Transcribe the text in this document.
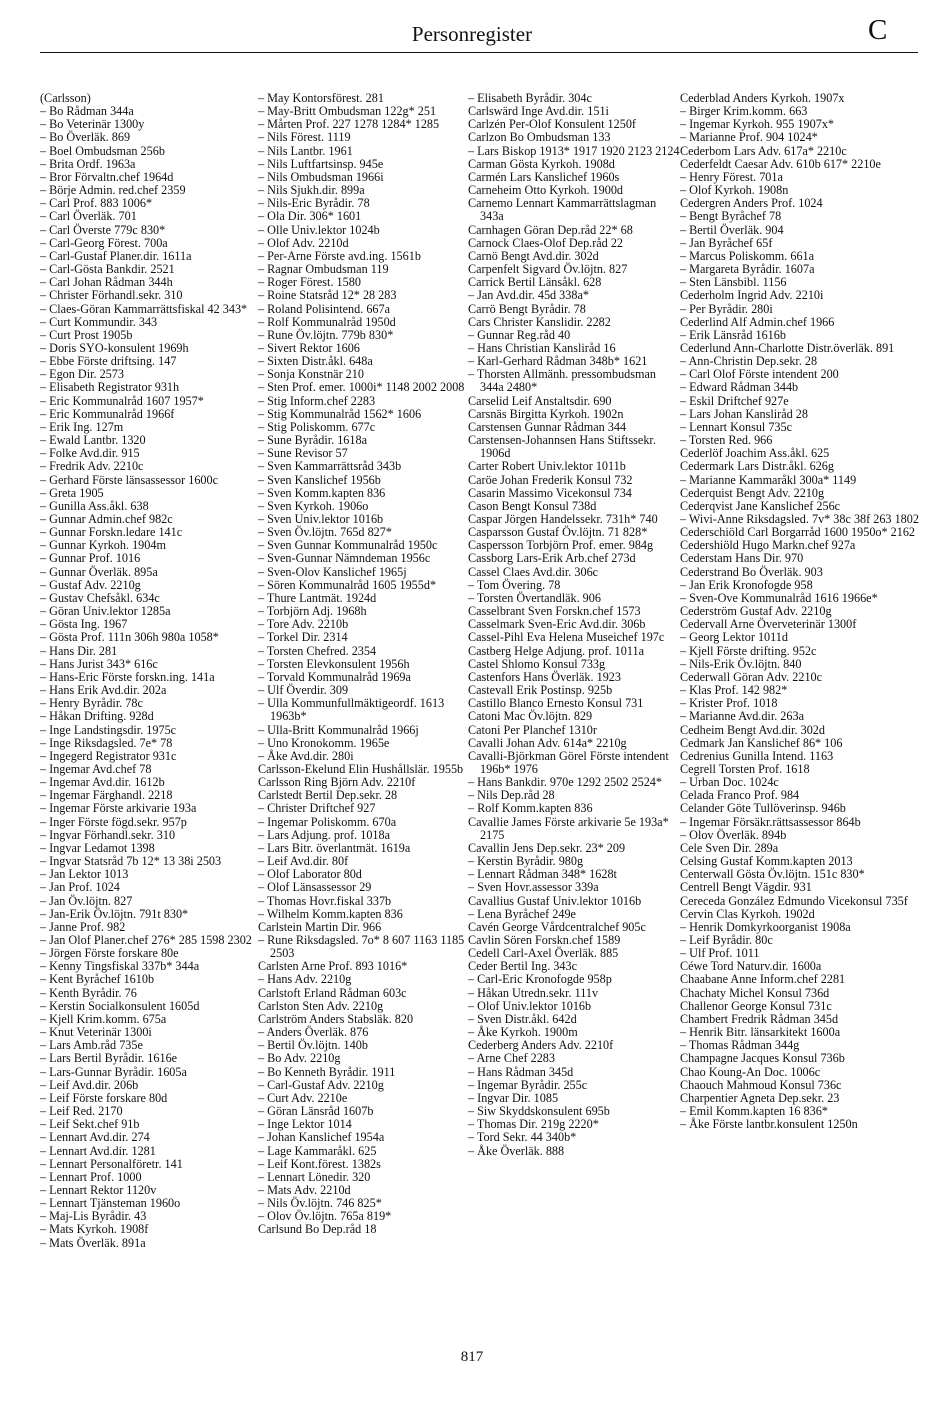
Personregister	C
(Carlsson)
– Bo Rådman 344a
– Bo Veterinär 1300y
– Bo Överläk. 869
– Boel Ombudsman 256b
– Brita Ordf. 1963a
– Bror Förvaltn.chef 1964d
– Börje Admin. red.chef 2359
– Carl Prof. 883 1006*
– Carl Överläk. 701
– Carl Överste 779c 830*
– Carl-Georg Förest. 700a
– Carl-Gustaf Planer.dir. 1611a
– Carl-Gösta Bankdir. 2521
– Carl Johan Rådman 344h
– Christer Förhandl.sekr. 310
– Claes-Göran Kammarrättsfiskal 42 343*
– Curt Kommundir. 343
– Curt Prost 1905b
– Doris SYO-konsulent 1969h
– Ebbe Förste driftsing. 147
– Egon Dir. 2573
– Elisabeth Registrator 931h
– Eric Kommunalråd 1607 1957*
– Eric Kommunalråd 1966f
– Erik Ing. 127m
– Ewald Lantbr. 1320
– Folke Avd.dir. 915
– Fredrik Adv. 2210c
– Gerhard Förste länsassessor 1600c
– Greta 1905
– Gunilla Ass.åkl. 638
– Gunnar Admin.chef 982c
– Gunnar Forskn.ledare 141c
– Gunnar Kyrkoh. 1904m
– Gunnar Prof. 1016
– Gunnar Överläk. 895a
– Gustaf Adv. 2210g
– Gustav Chefsåkl. 634c
– Göran Univ.lektor 1285a
– Gösta Ing. 1967
– Gösta Prof. 111n 306h 980a 1058*
– Hans Dir. 281
– Hans Jurist 343* 616c
– Hans-Eric Förste forskn.ing. 141a
– Hans Erik Avd.dir. 202a
– Henry Byrådir. 78c
– Håkan Drifting. 928d
– Inge Landstingsdir. 1975c
– Inge Riksdagsled. 7e* 78
– Ingegerd Registrator 931c
– Ingemar Avd.chef 78
– Ingemar Avd.dir. 1612b
– Ingemar Färghandl. 2218
– Ingemar Förste arkivarie 193a
– Inger Förste fögd.sekr. 957p
– Ingvar Förhandl.sekr. 310
– Ingvar Ledamot 1398
– Ingvar Statsråd 7b 12* 13 38i 2503
– Jan Lektor 1013
– Jan Prof. 1024
– Jan Öv.löjtn. 827
– Jan-Erik Öv.löjtn. 791t 830*
– Janne Prof. 982
– Jan Olof Planer.chef 276* 285 1598 2302
– Jörgen Förste forskare 80e
– Kenny Tingsfiskal 337b* 344a
– Kent Byråchef 1610b
– Kenth Byrådir. 76
– Kerstin Socialkonsulent 1605d
– Kjell Krim.komm. 675a
– Knut Veterinär 1300i
– Lars Amb.råd 735e
– Lars Bertil Byrådir. 1616e
– Lars-Gunnar Byrådir. 1605a
– Leif Avd.dir. 206b
– Leif Förste forskare 80d
– Leif Red. 2170
– Leif Sekt.chef 91b
– Lennart Avd.dir. 274
– Lennart Avd.dir. 1281
– Lennart Personalföretr. 141
– Lennart Prof. 1000
– Lennart Rektor 1120v
– Lennart Tjänsteman 1960o
– Maj-Lis Byrådir. 43
– Mats Kyrkoh. 1908f
– Mats Överläk. 891a
– May Kontorsförest. 281
– May-Britt Ombudsman 122g* 251
– Mårten Prof. 227 1278 1284* 1285
– Nils Förest. 1119
– Nils Lantbr. 1961
– Nils Luftfartsinsp. 945e
– Nils Ombudsman 1966i
– Nils Sjukh.dir. 899a
– Nils-Eric Byrådir. 78
– Ola Dir. 306* 1601
– Olle Univ.lektor 1024b
– Olof Adv. 2210d
– Per-Arne Förste avd.ing. 1561b
– Ragnar Ombudsman 119
– Roger Förest. 1580
– Roine Statsråd 12* 28 283
– Roland Polisintend. 667a
– Rolf Kommunalråd 1950d
– Rune Öv.löjtn. 779b 830*
– Sivert Rektor 1606
– Sixten Distr.åkl. 648a
– Sonja Konstnär 210
– Sten Prof. emer. 1000i* 1148 2002 2008
– Stig Inform.chef 2283
– Stig Kommunalråd 1562* 1606
– Stig Poliskomm. 677c
– Sune Byrådir. 1618a
– Sune Revisor 57
– Sven Kammarrättsråd 343b
– Sven Kanslichef 1956b
– Sven Komm.kapten 836
– Sven Kyrkoh. 1906o
– Sven Univ.lektor 1016b
– Sven Öv.löjtn. 765d 827*
– Sven Gunnar Kommunalråd 1950c
– Sven-Gunnar Nämndeman 1956c
– Sven-Olov Kanslichef 1965j
– Sören Kommunalråd 1605 1955d*
– Thure Lantmät. 1924d
– Torbjörn Adj. 1968h
– Tore Adv. 2210b
– Torkel Dir. 2314
– Torsten Chefred. 2354
– Torsten Elevkonsulent 1956h
– Torvald Kommunalråd 1969a
– Ulf Överdir. 309
– Ulla Kommunfullmäktigeordf. 1613 1963b*
– Ulla-Britt Kommunalråd 1966j
– Uno Kronokomm. 1965e
– Åke Avd.dir. 280i
Carlsson-Ekelund Elin Hushållslär. 1955b
Carlsson Ring Björn Adv. 2210f
Carlstedt Bertil Dep.sekr. 28
– Christer Driftchef 927
– Ingemar Poliskomm. 670a
– Lars Adjung. prof. 1018a
– Lars Bitr. överlantmät. 1619a
– Leif Avd.dir. 80f
– Olof Laborator 80d
– Olof Länsassessor 29
– Thomas Hovr.fiskal 337b
– Wilhelm Komm.kapten 836
Carlstein Martin Dir. 966
– Rune Riksdagsled. 7o* 8 607 1163 1185 2503
Carlsten Arne Prof. 893 1016*
– Hans Adv. 2210g
Carlstoft Erland Rådman 603c
Carlston Sten Adv. 2210g
Carlström Anders Stabsläk. 820
– Anders Överläk. 876
– Bertil Öv.löjtn. 140b
– Bo Adv. 2210g
– Bo Kenneth Byrådir. 1911
– Carl-Gustaf Adv. 2210g
– Curt Adv. 2210e
– Göran Länsråd 1607b
– Inge Lektor 1014
– Johan Kanslichef 1954a
– Lage Kammaråkl. 625
– Leif Kont.förest. 1382s
– Lennart Lönedir. 320
– Mats Adv. 2210d
– Nils Öv.löjtn. 746 825*
– Olov Öv.löjtn. 765a 819*
Carlsund Bo Dep.råd 18
– Elisabeth Byrådir. 304c
Carlswärd Inge Avd.dir. 151i
Carlzén Per-Olof Konsulent 1250f
Carlzon Bo Ombudsman 133
– Lars Biskop 1913* 1917 1920 2123 2124
Carman Gösta Kyrkoh. 1908d
Carmén Lars Kanslichef 1960s
Carneheim Otto Kyrkoh. 1900d
Carnemo Lennart Kammarrättslagman 343a
Carnhagen Göran Dep.råd 22* 68
Carnock Claes-Olof Dep.råd 22
Carnö Bengt Avd.dir. 302d
Carpenfelt Sigvard Öv.löjtn. 827
Carrick Bertil Länsåkl. 628
– Jan Avd.dir. 45d 338a*
Carrö Bengt Byrådir. 78
Cars Christer Kanslidir. 2282
– Gunnar Reg.råd 40
– Hans Christian Kanslіråd 16
– Karl-Gerhard Rådman 348b* 1621
– Thorsten Allmänh. pressombudsman 344a 2480*
Carselid Leif Anstaltsdir. 690
Carsnäs Birgitta Kyrkoh. 1902n
Carstensen Gunnar Rådman 344
Carstensen-Johannsen Hans Stiftssekr. 1906d
Carter Robert Univ.lektor 1011b
Caröe Johan Frederik Konsul 732
Casarin Massimo Vicekonsul 734
Cason Bengt Konsul 738d
Caspar Jörgen Handelssekr. 731h* 740
Casparsson Gustaf Öv.löjtn. 71 828*
Caspersson Torbjörn Prof. emer. 984g
Cassborg Lars-Erik Arb.chef 273d
Cassel Claes Avd.dir. 306c
– Tom Övering. 78
– Torsten Övertandläk. 906
Casselbrant Sven Forskn.chef 1573
Casselmark Sven-Eric Avd.dir. 306b
Cassel-Pihl Eva Helena Museichef 197c
Castberg Helge Adjung. prof. 1011a
Castel Shlomo Konsul 733g
Castenfors Hans Överläk. 1923
Castevall Erik Postinsp. 925b
Castillo Blanco Ernesto Konsul 731
Catoni Mac Öv.löjtn. 829
Catoni Per Planchef 1310r
Cavalli Johan Adv. 614a* 2210g
Cavalli-Björkman Görel Förste intendent 196b* 1976
– Hans Bankdir. 970e 1292 2502 2524*
– Nils Dep.råd 28
– Rolf Komm.kapten 836
Cavallie James Förste arkivarie 5e 193a* 2175
Cavallin Jens Dep.sekr. 23* 209
– Kerstin Byrådir. 980g
– Lennart Rådman 348* 1628t
– Sven Hovr.assessor 339a
Cavallius Gustaf Univ.lektor 1016b
– Lena Byråchef 249e
Cavén George Vårdcentralchef 905c
Cavlin Sören Forskn.chef 1589
Cedell Carl-Axel Överläk. 885
Ceder Bertil Ing. 343c
– Carl-Eric Kronofogde 958p
– Håkan Utredn.sekr. 111v
– Olof Univ.lektor 1016b
– Sven Distr.åkl. 642d
– Åke Kyrkoh. 1900m
Cederberg Anders Adv. 2210f
– Arne Chef 2283
– Hans Rådman 345d
– Ingemar Byrådir. 255c
– Ingvar Dir. 1085
– Siw Skyddskonsulent 695b
– Thomas Dir. 219g 2220*
– Tord Sekr. 44 340b*
– Åke Överläk. 888
Cederblad Anders Kyrkoh. 1907x
– Birger Krim.komm. 663
– Ingemar Kyrkoh. 955 1907x*
– Marianne Prof. 904 1024*
Cederbom Lars Adv. 617a* 2210c
Cederfeldt Caesar Adv. 610b 617* 2210e
– Henry Förest. 701a
– Olof Kyrkoh. 1908n
Cedergren Anders Prof. 1024
– Bengt Byråchef 78
– Bertil Överläk. 904
– Jan Byråchef 65f
– Marcus Poliskomm. 661a
– Margareta Byrådir. 1607a
– Sten Länsbibl. 1156
Cederholm Ingrid Adv. 2210i
– Per Byrådir. 280i
Cederlind Alf Admin.chef 1966
– Erik Länsråd 1616b
Cederlund Ann-Charlotte Distr.överläk. 891
– Ann-Christin Dep.sekr. 28
– Carl Olof Förste intendent 200
– Edward Rådman 344b
– Eskil Driftchef 927e
– Lars Johan Kanslіråd 28
– Lennart Konsul 735c
– Torsten Red. 966
Cederlöf Joachim Ass.åkl. 625
Cedermark Lars Distr.åkl. 626g
– Marianne Kammaråkl 300a* 1149
Cederquist Bengt Adv. 2210g
Cederqvist Jane Kanslichef 256c
– Wivi-Anne Riksdagsled. 7v* 38c 38f 263 1802
Cederschiöld Carl Borgarråd 1600 1950o* 2162
Cedershiöld Hugo Markn.chef 927a
Cederstam Hans Dir. 970
Cederstrand Bo Överläk. 903
– Jan Erik Kronofogde 958
– Sven-Ove Kommunalråd 1616 1966e*
Cederström Gustaf Adv. 2210g
Cedervall Arne Överveterinär 1300f
– Georg Lektor 1011d
– Kjell Förste drifting. 952c
– Nils-Erik Öv.löjtn. 840
Cederwall Göran Adv. 2210c
– Klas Prof. 142 982*
– Krister Prof. 1018
– Marianne Avd.dir. 263a
Cedheim Bengt Avd.dir. 302d
Cedmark Jan Kanslichef 86* 106
Cedrenius Gunilla Intend. 1163
Cegrell Torsten Prof. 1618
– Urban Doc. 1024c
Celada Franco Prof. 984
Celander Göte Tullöverinsp. 946b
– Ingemar Försäkr.rättsassessor 864b
– Olov Överläk. 894b
Cele Sven Dir. 289a
Celsing Gustaf Komm.kapten 2013
Centerwall Gösta Öv.löjtn. 151c 830*
Centrell Bengt Vägdir. 931
Cereceda González Edmundo Vicekonsul 735f
Cervin Clas Kyrkoh. 1902d
– Henrik Domkyrkoorganist 1908a
– Leif Byrådir. 80c
– Ulf Prof. 1011
Céwe Tord Naturv.dir. 1600a
Chaabane Anne Inform.chef 2281
Chachaty Michel Konsul 736d
Challenor George Konsul 731c
Chambert Fredrik Rådman 345d
– Henrik Bitr. länsarkitekt 1600a
– Thomas Rådman 344g
Champagne Jacques Konsul 736b
Chao Koung-An Doc. 1006c
Chaouch Mahmoud Konsul 736c
Charpentier Agneta Dep.sekr. 23
– Emil Komm.kapten 16 836*
– Åke Förste lantbr.konsulent 1250n
817
